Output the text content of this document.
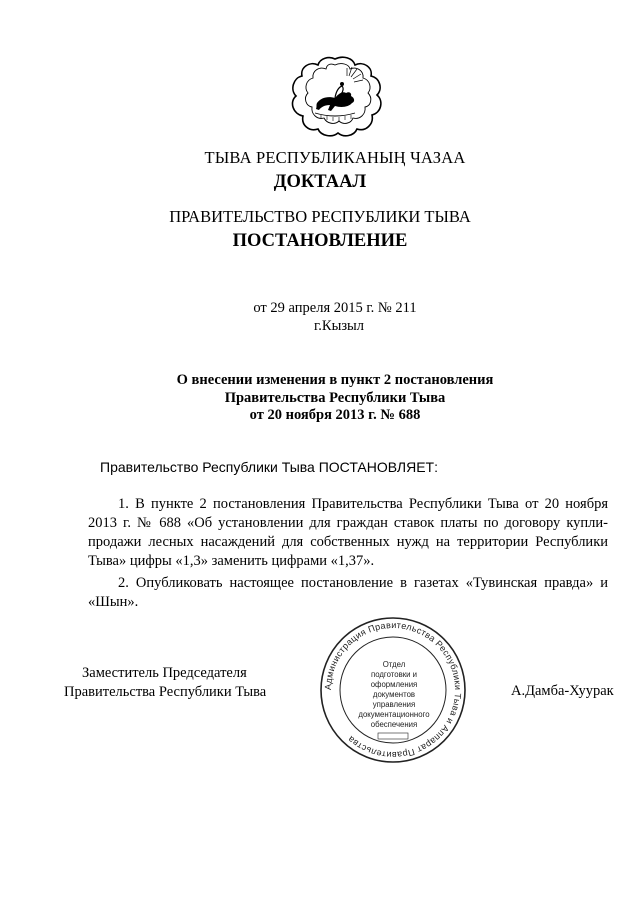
ТЫВА РЕСПУБЛИКАНЫҢ ЧАЗАА
ДОКТААЛ
ПРАВИТЕЛЬСТВО РЕСПУБЛИКИ ТЫВА
ПОСТАНОВЛЕНИЕ
от 29 апреля 2015 г. № 211
г.Кызыл
О внесении изменения в пункт 2 постановления
Правительства Республики Тыва
от 20 ноября 2013 г. № 688
Правительство Республики Тыва ПОСТАНОВЛЯЕТ:
1. В пункте 2 постановления Правительства Республики Тыва от 20 ноября 2013 г. № 688 «Об установлении для граждан ставок платы по договору купли-продажи лесных насаждений для собственных нужд на территории Республики Тыва» цифры «1,3» заменить цифрами «1,37».
2. Опубликовать настоящее постановление в газетах «Тувинская правда» и «Шын».
Администрация Правительства Республики Тыва и Аппарат Правительства
Отдел
подготовки и
оформления документов
управления
документационного
обеспечения
Заместитель Председателя
Правительства Республики Тыва	А.Дамба-Хуурак
